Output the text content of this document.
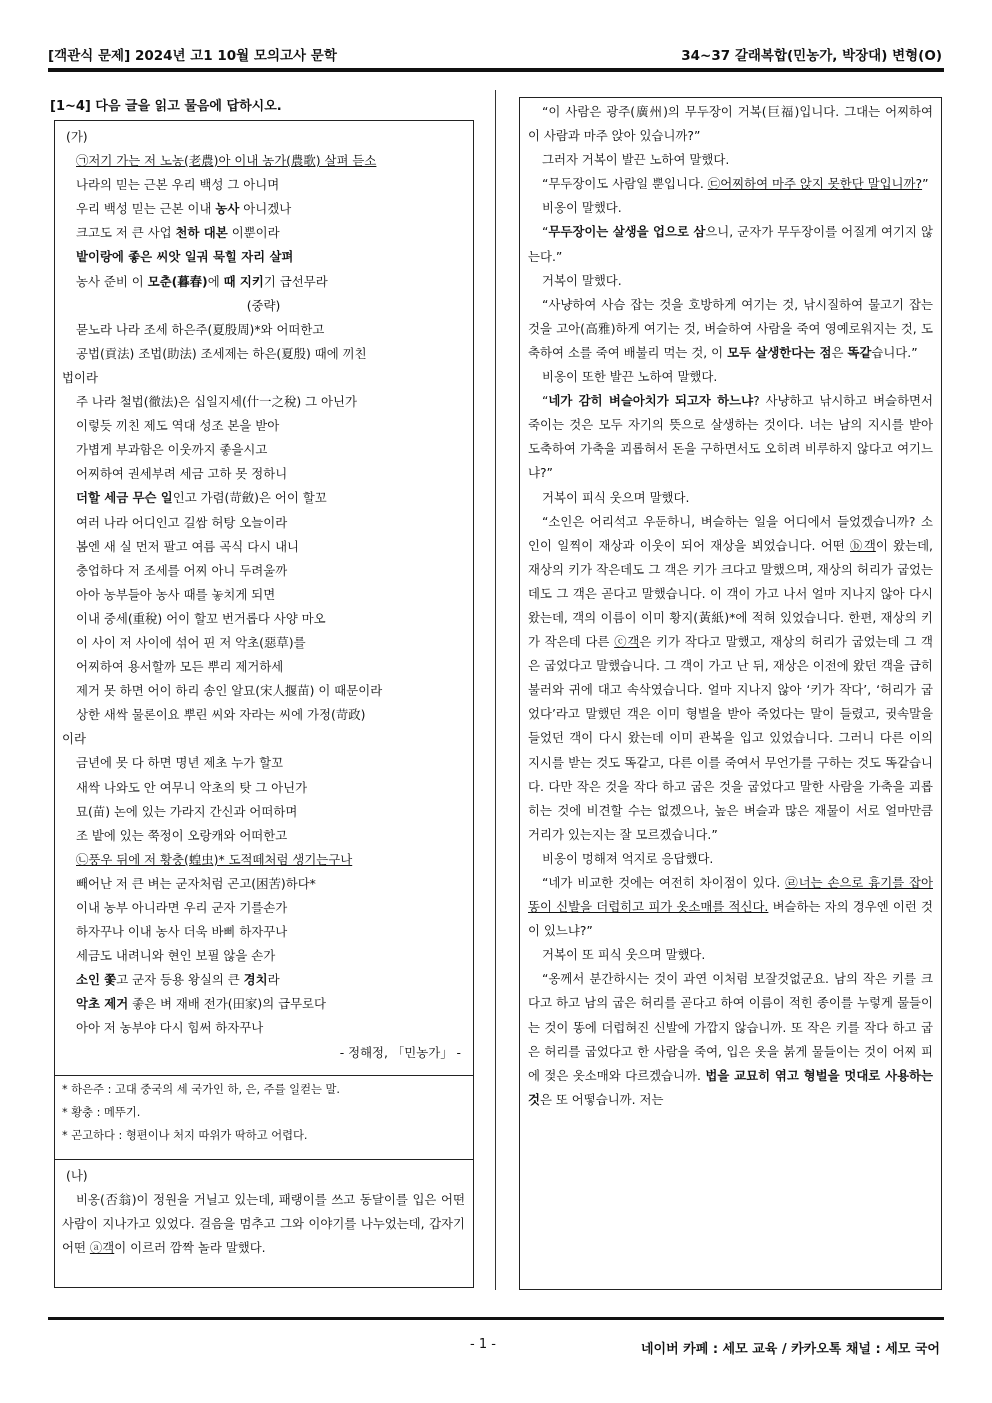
[객관식 문제] 2024년 고1 10월 모의고사 문학	34~37 갈래복합(민농가, 박장대) 변형(O)
[1~4] 다음 글을 읽고 물음에 답하시오.
(가)
㉠저기 가는 저 노농(老農)아 이내 농가(農歌) 살펴 듣소
나라의 믿는 근본 우리 백성 그 아니며
우리 백성 믿는 근본 이내 농사 아니겠나
크고도 저 큰 사업 천하 대본 이뿐이라
밭이랑에 좋은 씨앗 일궈 묵힐 자리 살펴
농사 준비 이 모춘(暮春)에 때 지키기 급선무라
(중략)
묻노라 나라 조세 하은주(夏殷周)*와 어떠한고
공법(貢法) 조법(助法) 조세제는 하은(夏殷) 때에 끼친
법이라
주 나라 철법(徹法)은 십일지세(什一之稅) 그 아닌가
이렇듯 끼친 제도 역대 성조 본을 받아
가볍게 부과함은 이웃까지 좋을시고
어찌하여 권세부려 세금 고하 못 정하니
더할 세금 무슨 일인고 가렴(苛斂)은 어이 할꼬
여러 나라 어디인고 길쌈 허탕 오늘이라
봄엔 새 실 먼저 팔고 여름 곡식 다시 내니
충업하다 저 조세를 어찌 아니 두려울까
아아 농부들아 농사 때를 놓치게 되면
이내 중세(重稅) 어이 할꼬 번거롭다 사양 마오
이 사이 저 사이에 섞어 핀 저 악초(惡草)를
어찌하여 용서할까 모든 뿌리 제거하세
제거 못 하면 어이 하리 송인 알묘(宋人揠苗) 이 때문이라
상한 새싹 물론이요 뿌린 씨와 자라는 씨에 가정(苛政)
이라
금년에 못 다 하면 명년 제초 누가 할꼬
새싹 나와도 안 여무니 악초의 탓 그 아닌가
묘(苗) 논에 있는 가라지 간신과 어떠하며
조 밭에 있는 쭉정이 오랑캐와 어떠한고
㉡풍우 뒤에 저 황충(蝗虫)* 도적떼처럼 생기는구나
빼어난 저 큰 벼는 군자처럼 곤고(困苦)하다*
이내 농부 아니라면 우리 군자 기를손가
하자꾸나 이내 농사 더욱 바삐 하자꾸나
세금도 내려니와 현인 보필 않을 손가
소인 쫓고 군자 등용 왕실의 큰 경치라
악초 제거 좋은 벼 재배 전가(田家)의 급무로다
아아 저 농부야 다시 힘써 하자꾸나
- 정해정, 「민농가」 -
* 하은주 : 고대 중국의 세 국가인 하, 은, 주를 일컫는 말.
* 황충 : 메뚜기.
* 곤고하다 : 형편이나 처지 따위가 딱하고 어렵다.
(나)
비옹(否翁)이 정원을 거닐고 있는데, 패랭이를 쓰고 동달이를 입은 어떤 사람이 지나가고 있었다. 걸음을 멈추고 그와 이야기를 나누었는데, 갑자기 어떤 ⓐ객이 이르러 깜짝 놀라 말했다.
“이 사람은 광주(廣州)의 무두장이 거복(巨福)입니다. 그대는 어찌하여 이 사람과 마주 앉아 있습니까?”
그러자 거복이 발끈 노하여 말했다.
“무두장이도 사람일 뿐입니다. ㉢어찌하여 마주 앉지 못한단 말입니까?”
비옹이 말했다.
“무두장이는 살생을 업으로 삼으니, 군자가 무두장이를 어질게 여기지 않는다.”
거복이 말했다.
“사냥하여 사슴 잡는 것을 호방하게 여기는 것, 낚시질하여 물고기 잡는 것을 고아(高雅)하게 여기는 것, 벼슬하여 사람을 죽여 영예로워지는 것, 도축하여 소를 죽여 배불리 먹는 것, 이 모두 살생한다는 점은 똑같습니다.”
비옹이 또한 발끈 노하여 말했다.
“네가 감히 벼슬아치가 되고자 하느냐? 사냥하고 낚시하고 벼슬하면서 죽이는 것은 모두 자기의 뜻으로 살생하는 것이다. 너는 남의 지시를 받아 도축하여 가축을 괴롭혀서 돈을 구하면서도 오히려 비루하지 않다고 여기느냐?”
거복이 피식 웃으며 말했다.
“소인은 어리석고 우둔하니, 벼슬하는 일을 어디에서 들었겠습니까? 소인이 일찍이 재상과 이웃이 되어 재상을 뵈었습니다. 어떤 ⓑ객이 왔는데, 재상의 키가 작은데도 그 객은 키가 크다고 말했으며, 재상의 허리가 굽었는데도 그 객은 곧다고 말했습니다. 이 객이 가고 나서 얼마 지나지 않아 다시 왔는데, 객의 이름이 이미 황지(黃紙)*에 적혀 있었습니다. 한편, 재상의 키가 작은데 다른 ⓒ객은 키가 작다고 말했고, 재상의 허리가 굽었는데 그 객은 굽었다고 말했습니다. 그 객이 가고 난 뒤, 재상은 이전에 왔던 객을 급히 불러와 귀에 대고 속삭였습니다. 얼마 지나지 않아 ‘키가 작다’, ‘허리가 굽었다’라고 말했던 객은 이미 형벌을 받아 죽었다는 말이 들렸고, 귓속말을 들었던 객이 다시 왔는데 이미 관복을 입고 있었습니다. 그러니 다른 이의 지시를 받는 것도 똑같고, 다른 이를 죽여서 무언가를 구하는 것도 똑같습니다. 다만 작은 것을 작다 하고 굽은 것을 굽었다고 말한 사람을 가축을 괴롭히는 것에 비견할 수는 없겠으나, 높은 벼슬과 많은 재물이 서로 얼마만큼 거리가 있는지는 잘 모르겠습니다.”
비옹이 멍해져 억지로 응답했다.
“네가 비교한 것에는 여전히 차이점이 있다. ㉣너는 손으로 흉기를 잡아 똥이 신발을 더럽히고 피가 옷소매를 적신다. 벼슬하는 자의 경우엔 이런 것이 있느냐?”
거복이 또 피식 웃으며 말했다.
“옹께서 분간하시는 것이 과연 이처럼 보잘것없군요. 남의 작은 키를 크다고 하고 남의 굽은 허리를 곧다고 하여 이름이 적힌 종이를 누렇게 물들이는 것이 똥에 더럽혀진 신발에 가깝지 않습니까. 또 작은 키를 작다 하고 굽은 허리를 굽었다고 한 사람을 죽여, 입은 옷을 붉게 물들이는 것이 어찌 피에 젖은 옷소매와 다르겠습니까. 법을 교묘히 엮고 형벌을 멋대로 사용하는 것은 또 어떻습니까. 저는
- 1 -	네이버 카페 : 세모 교육 / 카카오톡 채널 : 세모 국어
